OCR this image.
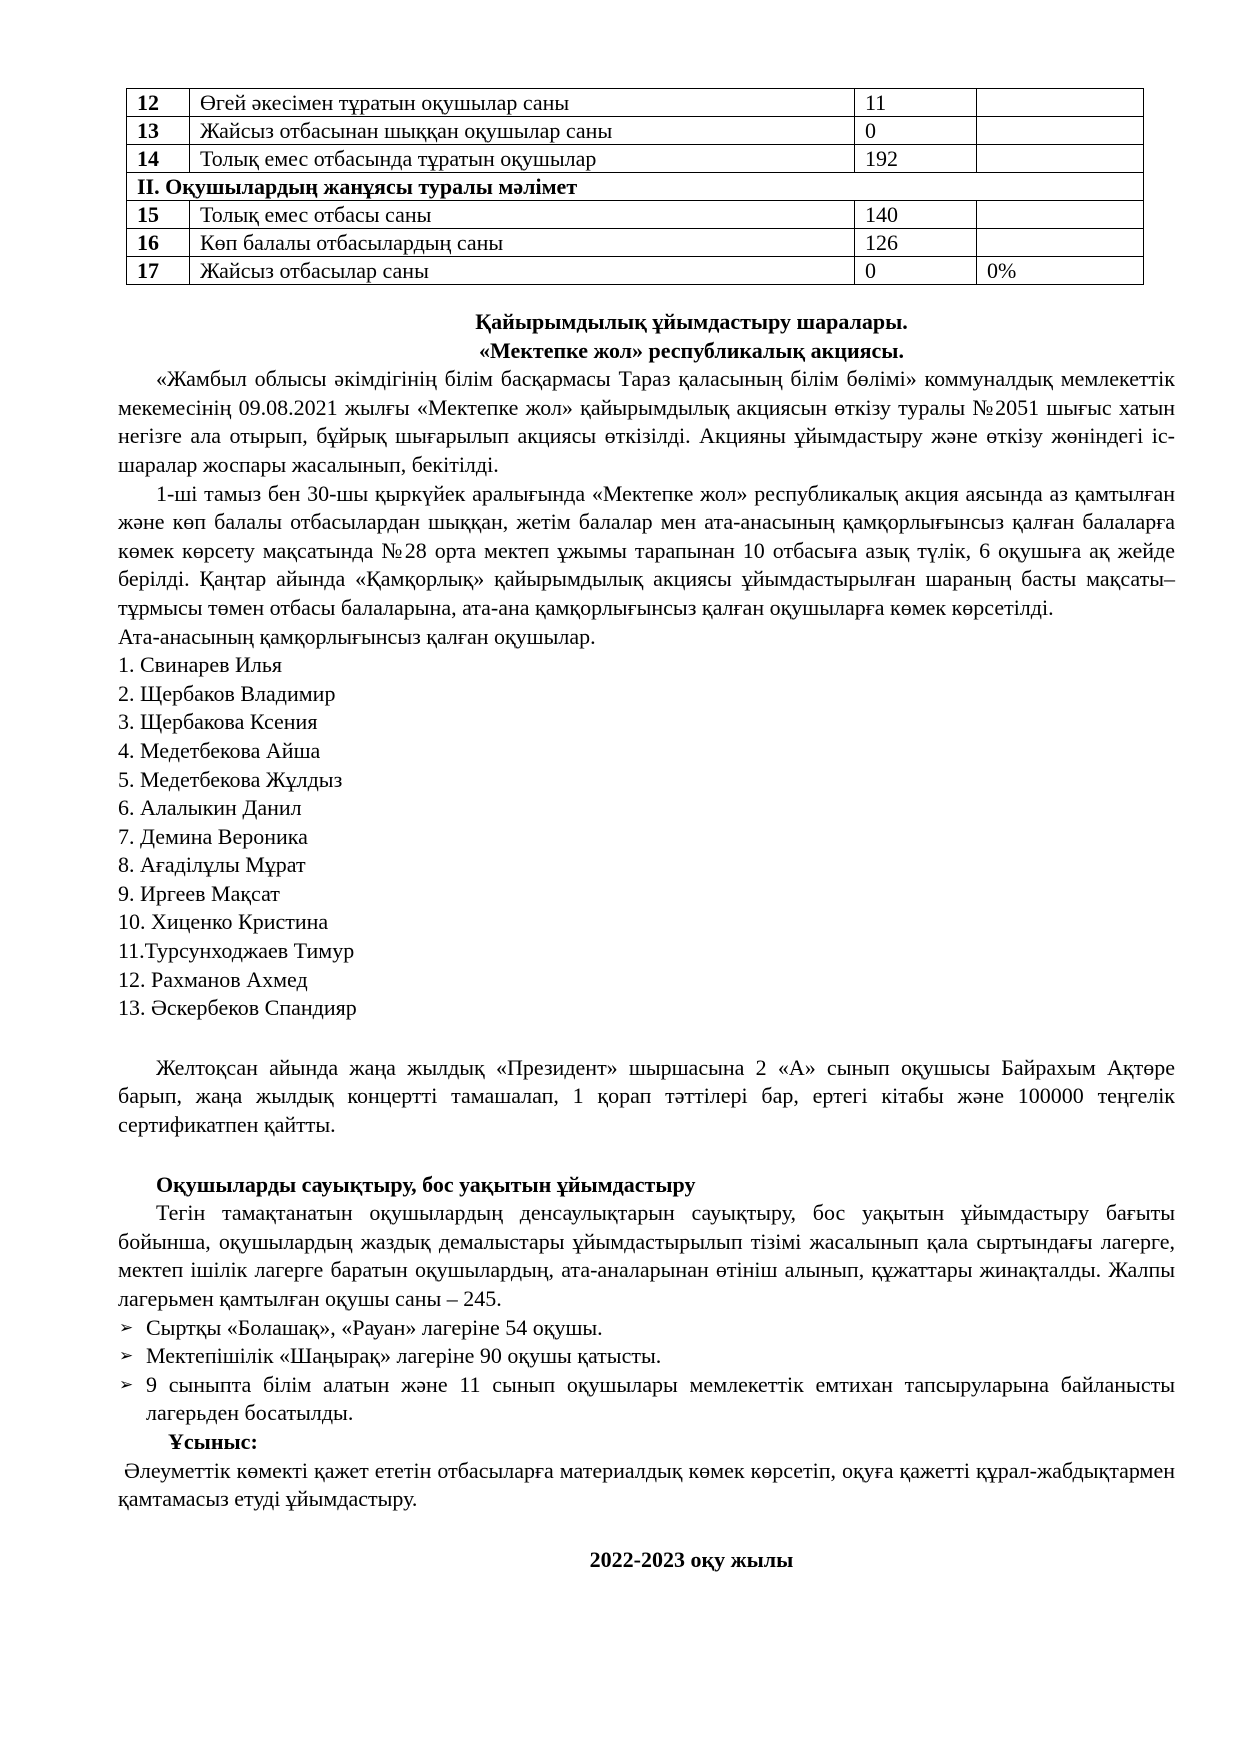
12	Өгей әкесімен тұратын оқушылар саны	11	
13	Жайсыз отбасынан шыққан оқушылар саны	0	
14	Толық емес отбасында тұратын оқушылар	192	
ІІ. Оқушылардың жанұясы туралы мәлімет			
15	Толық емес отбасы саны	140	
16	Көп балалы отбасылардың саны	126	
17	Жайсыз отбасылар саны	0	0%
Қайырымдылық ұйымдастыру шаралары.
«Мектепке жол» республикалық акциясы.

«Жамбыл облысы әкімдігінің білім басқармасы Тараз қаласының білім бөлімі» коммуналдық мемлекеттік мекемесінің 09.08.2021 жылғы «Мектепке жол» қайырымдылық акциясын өткізу туралы №2051 шығыс хатын негізге ала отырып, бұйрық шығарылып акциясы өткізілді. Акцияны ұйымдастыру және өткізу жөніндегі іс-шаралар жоспары жасалынып, бекітілді.

1-ші тамыз бен 30-шы қыркүйек аралығында «Мектепке жол» республикалық акция аясында аз қамтылған және көп балалы отбасылардан шыққан, жетім балалар мен ата-анасының қамқорлығынсыз қалған балаларға көмек көрсету мақсатында №28 орта мектеп ұжымы тарапынан 10 отбасыға азық түлік, 6 оқушыға ақ жейде берілді. Қаңтар айында «Қамқорлық» қайырымдылық акциясы ұйымдастырылған шараның басты мақсаты–тұрмысы төмен отбасы балаларына, ата-ана қамқорлығынсыз қалған оқушыларға көмек көрсетілді.

Ата-анасының қамқорлығынсыз қалған оқушылар.

1. Свинарев Илья
2. Щербаков Владимир
3. Щербакова Ксения
4. Медетбекова Айша
5. Медетбекова Жұлдыз
6. Алалыкин Данил
7. Демина Вероника
8. Ағаділұлы Мұрат
9. Иргеев Мақсат
10. Хиценко Кристина
11.Турсунходжаев Тимур
12. Рахманов Ахмед
13. Әскербеков Спандияр

Желтоқсан айында жаңа жылдық «Президент» шыршасына 2 «А» сынып оқушысы Байрахым Ақтөре барып, жаңа жылдық концертті тамашалап, 1 қорап тәттілері бар, ертегі кітабы және 100000 теңгелік сертификатпен қайтты.

Оқушыларды сауықтыру, бос уақытын ұйымдастыру

Тегін тамақтанатын оқушылардың денсаулықтарын сауықтыру, бос уақытын ұйымдастыру бағыты бойынша, оқушылардың жаздық демалыстары ұйымдастырылып тізімі жасалынып қала сыртындағы лагерге, мектеп ішілік лагерге баратын оқушылардың, ата-аналарынан өтініш алынып, құжаттары жинақталды. Жалпы лагерьмен қамтылған оқушы саны – 245.

➢ Сыртқы «Болашақ», «Рауан» лагеріне 54 оқушы.
➢ Мектепішілік «Шаңырақ» лагеріне 90 оқушы қатысты.
➢ 9 сыныпта білім алатын және 11 сынып оқушылары мемлекеттік емтихан тапсыруларына байланысты лагерьден босатылды.
Ұсыныс:

Әлеуметтік көмекті қажет ететін отбасыларға материалдық көмек көрсетіп, оқуға қажетті құрал-жабдықтармен қамтамасыз етуді ұйымдастыру.

2022-2023 оқу жылы
